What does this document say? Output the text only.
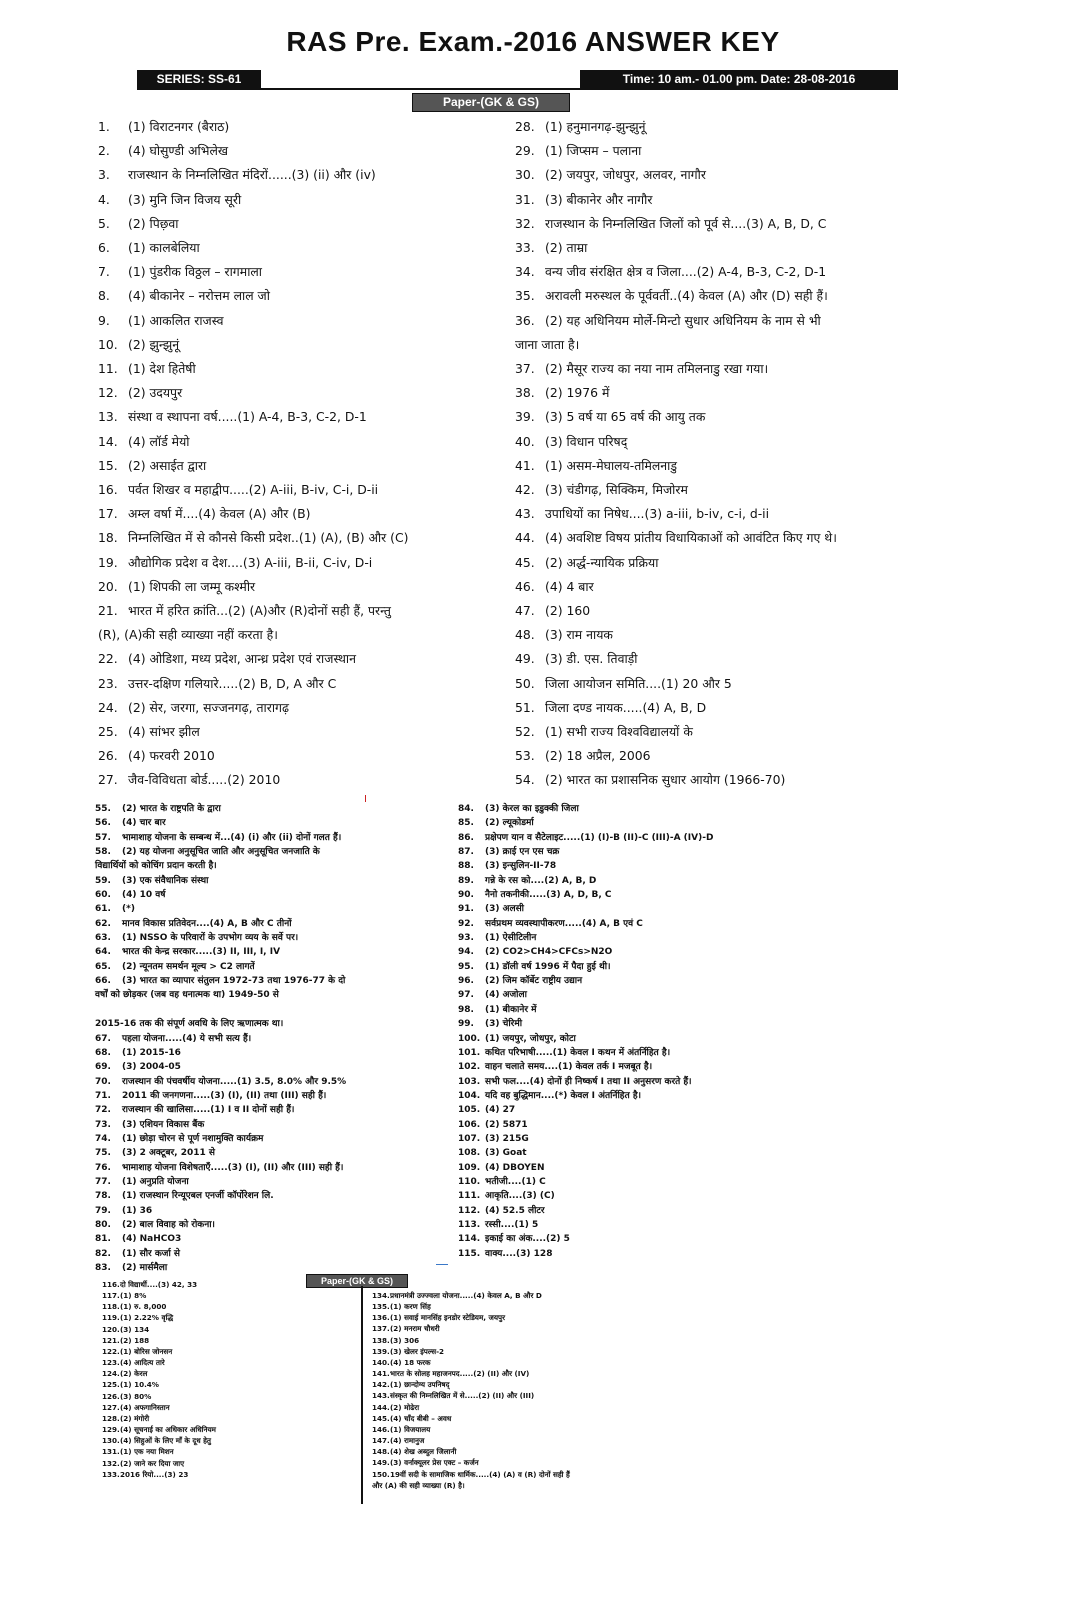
RAS Pre. Exam.-2016 ANSWER KEY
SERIES: SS-61	Time: 10 am.- 01.00 pm. Date: 28-08-2016
Paper-(GK & GS)
1. (1) विराटनगर (बैराठ)
2. (4) घोसुण्डी अभिलेख
3. राजस्थान के निम्नलिखित मंदिरों......(3) (ii) और (iv)
4. (3) मुनि जिन विजय सूरी
5. (2) पिछ़वा
6. (1) कालबेलिया
7. (1) पुंडरीक विठ्ठल – रागमाला
8. (4) बीकानेर – नरोत्तम लाल जो
9. (1) आकलित राजस्व
10. (2) झुन्झुनूं
11. (1) देश हितेषी
12. (2) उदयपुर
13. संस्था व स्थापना वर्ष.....(1) A-4, B-3, C-2, D-1
14. (4) लॉर्ड मेयो
15. (2) असाईत द्वारा
16. पर्वत शिखर व महाद्वीप.....(2) A-iii, B-iv, C-i, D-ii
17. अम्ल वर्षा में....(4) केवल (A) और (B)
18. निम्नलिखित में से कौनसे किसी प्रदेश..(1) (A), (B) और (C)
19. औद्योगिक प्रदेश व देश....(3) A-iii, B-ii, C-iv, D-i
20. (1) शिपकी ला जम्मू कश्मीर
21. भारत में हरित क्रांति...(2) (A)और (R)दोनों सही हैं, परन्तु
(R), (A)की सही व्याख्या नहीं करता है।
22. (4) ओडिशा, मध्य प्रदेश, आन्ध्र प्रदेश एवं राजस्थान
23. उत्तर-दक्षिण गलियारे.....(2) B, D, A और C
24. (2) सेर, जरगा, सज्जनगढ़, तारागढ़
25. (4) सांभर झील
26. (4) फरवरी 2010
27. जैव-विविधता बोर्ड.....(2) 2010
28. (1) हनुमानगढ़-झुन्झुनूं
29. (1) जिप्सम – पलाना
30. (2) जयपुर, जोधपुर, अलवर, नागौर
31. (3) बीकानेर और नागौर
32. राजस्थान के निम्नलिखित जिलों को पूर्व से....(3) A, B, D, C
33. (2) ताम्रा
34. वन्य जीव संरक्षित क्षेत्र व जिला....(2) A-4, B-3, C-2, D-1
35. अरावली मरुस्थल के पूर्ववर्ती..(4) केवल (A) और (D) सही हैं।
36. (2) यह अधिनियम मोर्ले-मिन्टो सुधार अधिनियम के नाम से भी
जाना जाता है।
37. (2) मैसूर राज्य का नया नाम तमिलनाडु रखा गया।
38. (2) 1976 में
39. (3) 5 वर्ष या 65 वर्ष की आयु तक
40. (3) विधान परिषद्
41. (1) असम-मेघालय-तमिलनाडु
42. (3) चंडीगढ़, सिक्किम, मिजोरम
43. उपाधियों का निषेध....(3) a-iii, b-iv, c-i, d-ii
44. (4) अवशिष्ट विषय प्रांतीय विधायिकाओं को आवंटित किए गए थे।
45. (2) अर्द्ध-न्यायिक प्रक्रिया
46. (4) 4 बार
47. (2) 160
48. (3) राम नायक
49. (3) डी. एस. तिवाड़ी
50. जिला आयोजन समिति....(1) 20 और 5
51. जिला दण्ड नायक.....(4) A, B, D
52. (1) सभी राज्य विश्वविद्यालयों के
53. (2) 18 अप्रैल, 2006
54. (2) भारत का प्रशासनिक सुधार आयोग (1966-70)
55. (2) भारत के राष्ट्रपति के द्वारा
56. (4) चार बार
57. भामाशाह योजना के सम्बन्ध में...(4) (i) और (ii) दोनों गलत हैं।
58. (2) यह योजना अनुसूचित जाति और अनुसूचित जनजाति के
विद्यार्थियों को कोचिंग प्रदान करती है।
59. (3) एक संवैधानिक संस्था
60. (4) 10 वर्ष
61. (*)
62. मानव विकास प्रतिवेदन....(4) A, B और C तीनों
63. (1) NSSO के परिवारों के उपभोग व्यय के सर्वे पर।
64. भारत की केन्द्र सरकार.....(3) II, III, I, IV
65. (2) न्यूनतम समर्थन मूल्य > C2 लागतें
66. (3) भारत का व्यापार संतुलन 1972-73 तथा 1976-77 के दो
वर्षों को छोड़कर (जब वह धनात्मक था) 1949-50 से
2015-16 तक की संपूर्ण अवधि के लिए ऋणात्मक था।
67. पहला योजना.....(4) ये सभी सत्य हैं।
68. (1) 2015-16
69. (3) 2004-05
70. राजस्थान की पंचवर्षीय योजना.....(1) 3.5, 8.0% और 9.5%
71. 2011 की जनगणना.....(3) (I), (II) तथा (III) सही हैं।
72. राजस्थान की खालिसा.....(1) I व II दोनों सही हैं।
73. (3) एशियन विकास बैंक
74. (1) छोड़ा चोरन से पूर्ण नशामुक्ति कार्यक्रम
75. (3) 2 अक्टूबर, 2011 से
76. भामाशाह योजना विशेषताएँ.....(3) (I), (II) और (III) सही हैं।
77. (1) अनुप्रति योजना
78. (1) राजस्थान रिन्यूएबल एनर्जी कॉर्पोरेशन लि.
79. (1) 36
80. (2) बाल विवाह को रोकना।
81. (4) NaHCO3
82. (1) सौर कर्जा से
83. (2) मार्समैला
84. (3) केरल का इडुक्की जिला
85. (2) ल्यूकोडर्मा
86. प्रक्षेपण यान व सैटेलाइट.....(1) (I)-B (II)-C (III)-A (IV)-D
87. (3) क्राई एन एस चक्र
88. (3) इन्सुलिन-II-78
89. गन्ने के रस को....(2) A, B, D
90. नैनो तकनीकी.....(3) A, D, B, C
91. (3) अलसी
92. सर्वप्रथम व्यवस्थापीकरण.....(4) A, B एवं C
93. (1) ऐसीटिलीन
94. (2) CO2>CH4>CFCs>N2O
95. (1) डॉली वर्ष 1996 में पैदा हुई थी।
96. (2) जिम कॉर्बेट राष्ट्रीय उद्यान
97. (4) अजोला
98. (1) बीकानेर में
99. (3) चेरिमी
100. (1) जयपुर, जोधपुर, कोटा
101. कथित परिभाषी.....(1) केवल I कथन में अंतर्निहित है।
102. वाहन चलाते समय....(1) केवल तर्क I मजबूत है।
103. सभी फल....(4) दोनों ही निष्कर्ष I तथा II अनुसरण करते हैं।
104. यदि वह बुद्धिमान....(*) केवल I अंतर्निहित है।
105. (4) 27
106. (2) 5871
107. (3) 215G
108. (3) Goat
109. (4) DBOYEN
110. भतीजी....(1) C
111. आकृति....(3) (C)
112. (4) 52.5 लीटर
113. रस्सी....(1) 5
114. इकाई का अंक....(2) 5
115. वाक्य....(3) 128
Paper-(GK & GS)
116.दो विद्यार्थी....(3) 42, 33
117.(1) 8%
118.(1) रु. 8,000
119.(1) 2.22% वृद्धि
120.(3) 134
121.(2) 188
122.(1) बोरिस जोनसन
123.(4) आदित्य तारे
124.(2) केरल
125.(1) 10.4%
126.(3) 80%
127.(4) अफगानिस्तान
128.(2) मंगोरी
129.(4) सूचनाई का अधिकार अधिनियम
130.(4) सिहुओं के लिए माँ के दूध हेतु
131.(1) एक नया मिशन
132.(2) जाने कर दिया जाए
133.2016 रियो....(3) 23
134.प्रधानमंत्री उज्ज्वला योजना.....(4) केवल A, B और D
135.(1) करण सिंह
136.(1) सवाई मानसिंह इनडोर स्टेडियम, जयपुर
137.(2) मनराम चौधरी
138.(3) 306
139.(3) खेलर इंपल्स-2
140.(4) 18 फरक
141.भारत के सोलह महाजनपद.....(2) (II) और (IV)
142.(1) छान्दोग्य उपनिषद्
143.संस्कृत की निम्नलिखित में से.....(2) (II) और (III)
144.(2) मोढेरा
145.(4) चाँद बीबी – अवध
146.(1) विजयालय
147.(4) रामानुज
148.(4) शेख अब्दुल जिलानी
149.(3) वर्नाक्यूलर प्रेस एक्ट – कर्जन
150.19वीं सदी के सामाजिक धार्मिक.....(4) (A) व (R) दोनों सही हैं
और (A) की सही व्याख्या (R) है।
